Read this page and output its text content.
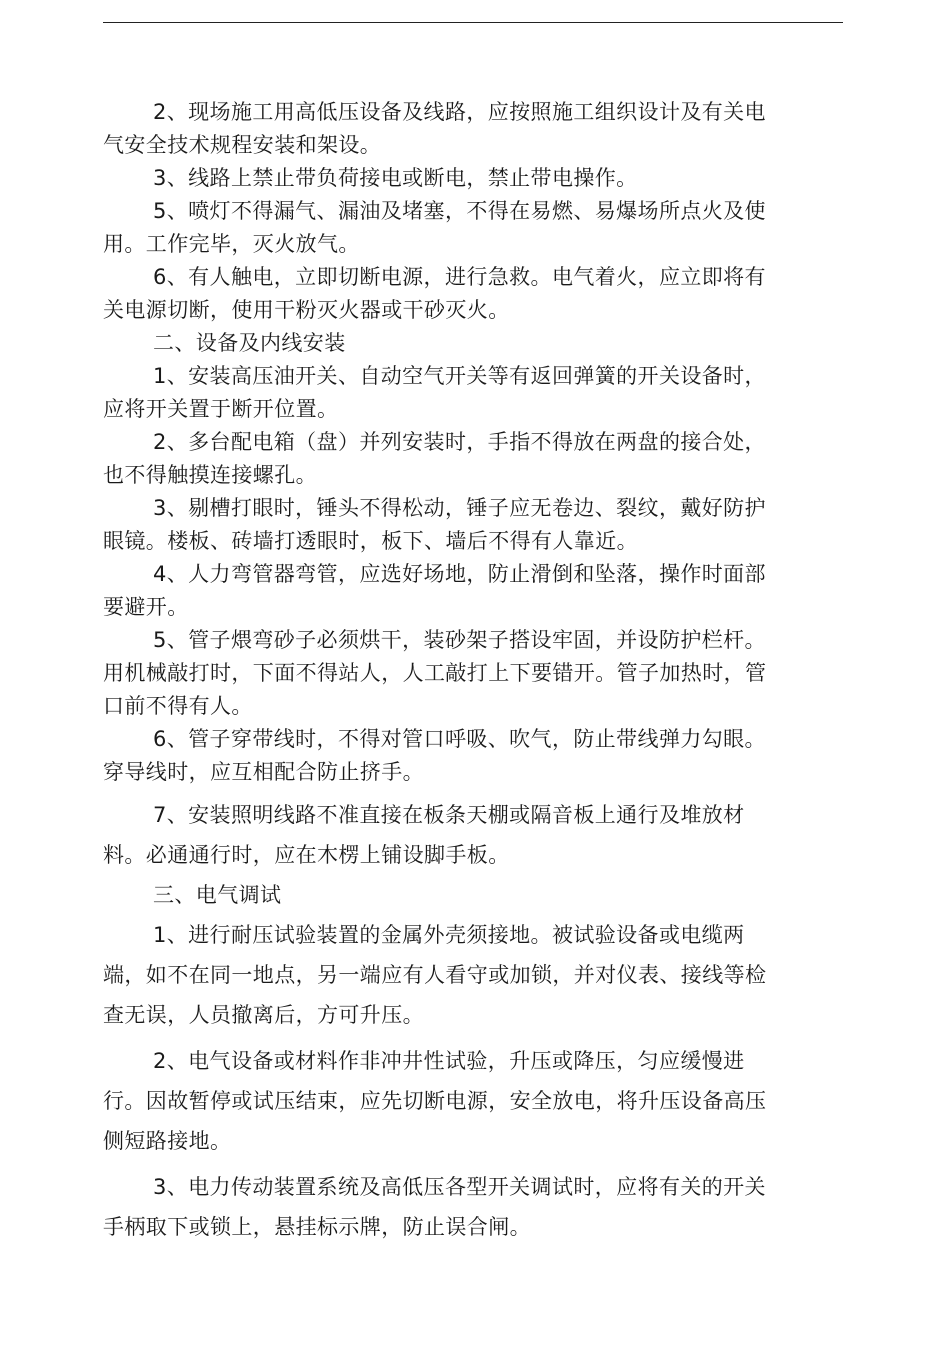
2、现场施工用高低压设备及线路，应按照施工组织设计及有关电气安全技术规程安装和架设。

3、线路上禁止带负荷接电或断电，禁止带电操作。

5、喷灯不得漏气、漏油及堵塞，不得在易燃、易爆场所点火及使用。工作完毕，灭火放气。

6、有人触电，立即切断电源，进行急救。电气着火，应立即将有关电源切断，使用干粉灭火器或干砂灭火。

二、设备及内线安装

1、安装高压油开关、自动空气开关等有返回弹簧的开关设备时，应将开关置于断开位置。

2、多台配电箱（盘）并列安装时，手指不得放在两盘的接合处，也不得触摸连接螺孔。

3、剔槽打眼时，锤头不得松动，锤子应无卷边、裂纹，戴好防护眼镜。楼板、砖墙打透眼时，板下、墙后不得有人靠近。

4、人力弯管器弯管，应选好场地，防止滑倒和坠落，操作时面部要避开。

5、管子煨弯砂子必须烘干，装砂架子搭设牢固，并设防护栏杆。用机械敲打时，下面不得站人，人工敲打上下要错开。管子加热时，管口前不得有人。

6、管子穿带线时，不得对管口呼吸、吹气，防止带线弹力勾眼。穿导线时，应互相配合防止挤手。

7、安装照明线路不准直接在板条天棚或隔音板上通行及堆放材料。必通通行时，应在木楞上铺设脚手板。

三、电气调试

1、进行耐压试验装置的金属外壳须接地。被试验设备或电缆两端，如不在同一地点，另一端应有人看守或加锁，并对仪表、接线等检查无误，人员撤离后，方可升压。

2、电气设备或材料作非冲井性试验，升压或降压，匀应缓慢进行。因故暂停或试压结束，应先切断电源，安全放电，将升压设备高压侧短路接地。

3、电力传动装置系统及高低压各型开关调试时，应将有关的开关手柄取下或锁上，悬挂标示牌，防止误合闸。
